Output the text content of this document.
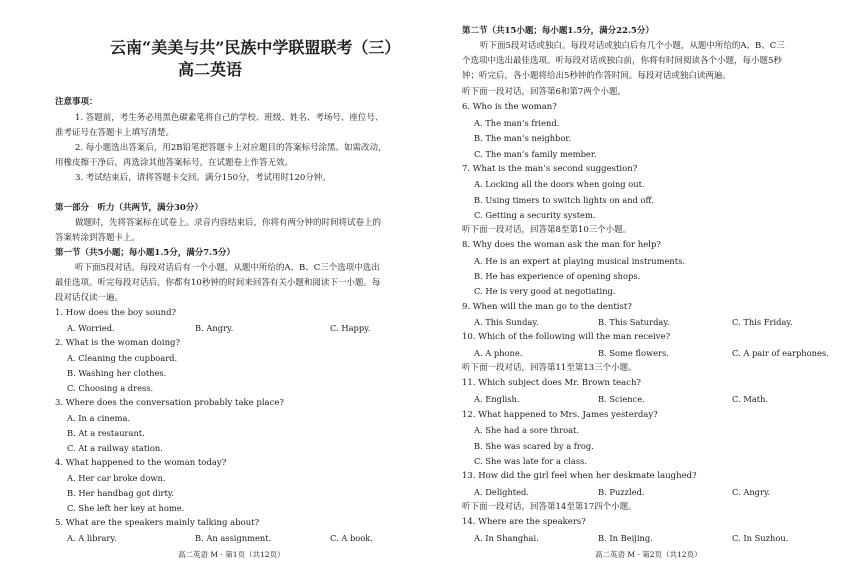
云南“美美与共”民族中学联盟联考（三）
高二英语
注意事项：
1. 答题前，考生务必用黑色碳素笔将自己的学校、班级、姓名、考场号、座位号、
准考证号在答题卡上填写清楚。
2. 每小题选出答案后，用2B铅笔把答题卡上对应题目的答案标号涂黑。如需改动，
用橡皮擦干净后，再选涂其他答案标号。在试题卷上作答无效。
3. 考试结束后，请将答题卡交回。满分150分，考试用时120分钟。
第一部分　听力（共两节，满分30分）
做题时，先将答案标在试卷上。录音内容结束后，你将有两分钟的时间将试卷上的
答案转涂到答题卡上。
第一节（共5小题；每小题1.5分，满分7.5分）
听下面5段对话。每段对话后有一个小题，从题中所给的A、B、C三个选项中选出
最佳选项。听完每段对话后，你都有10秒钟的时间来回答有关小题和阅读下一小题。每
段对话仅读一遍。
1. How does the boy sound?
A. Worried.	B. Angry.	C. Happy.
2. What is the woman doing?
A. Cleaning the cupboard.
B. Washing her clothes.
C. Choosing a dress.
3. Where does the conversation probably take place?
A. In a cinema.
B. At a restaurant.
C. At a railway station.
4. What happened to the woman today?
A. Her car broke down.
B. Her handbag got dirty.
C. She left her key at home.
5. What are the speakers mainly talking about?
A. A library.	B. An assignment.	C. A book.
高二英语 M · 第1页（共12页）
第二节（共15小题；每小题1.5分，满分22.5分）
听下面5段对话或独白。每段对话或独白后有几个小题，从题中所给的A、B、C三
个选项中选出最佳选项。听每段对话或独白前，你将有时间阅读各个小题，每小题5秒
钟；听完后，各小题将给出5秒钟的作答时间。每段对话或独白读两遍。
听下面一段对话，回答第6和第7两个小题。
6. Who is the woman?
A. The man’s friend.
B. The man’s neighbor.
C. The man’s family member.
7. What is the man’s second suggestion?
A. Locking all the doors when going out.
B. Using timers to switch lights on and off.
C. Getting a security system.
听下面一段对话，回答第8至第10三个小题。
8. Why does the woman ask the man for help?
A. He is an expert at playing musical instruments.
B. He has experience of opening shops.
C. He is very good at negotiating.
9. When will the man go to the dentist?
A. This Sunday.	B. This Saturday.	C. This Friday.
10. Which of the following will the man receive?
A. A phone.	B. Some flowers.	C. A pair of earphones.
听下面一段对话，回答第11至第13三个小题。
11. Which subject does Mr. Brown teach?
A. English.	B. Science.	C. Math.
12. What happened to Mrs. James yesterday?
A. She had a sore throat.
B. She was scared by a frog.
C. She was late for a class.
13. How did the girl feel when her deskmate laughed?
A. Delighted.	B. Puzzled.	C. Angry.
听下面一段对话，回答第14至第17四个小题。
14. Where are the speakers?
A. In Shanghai.	B. In Beijing.	C. In Suzhou.
高二英语 M · 第2页（共12页）
